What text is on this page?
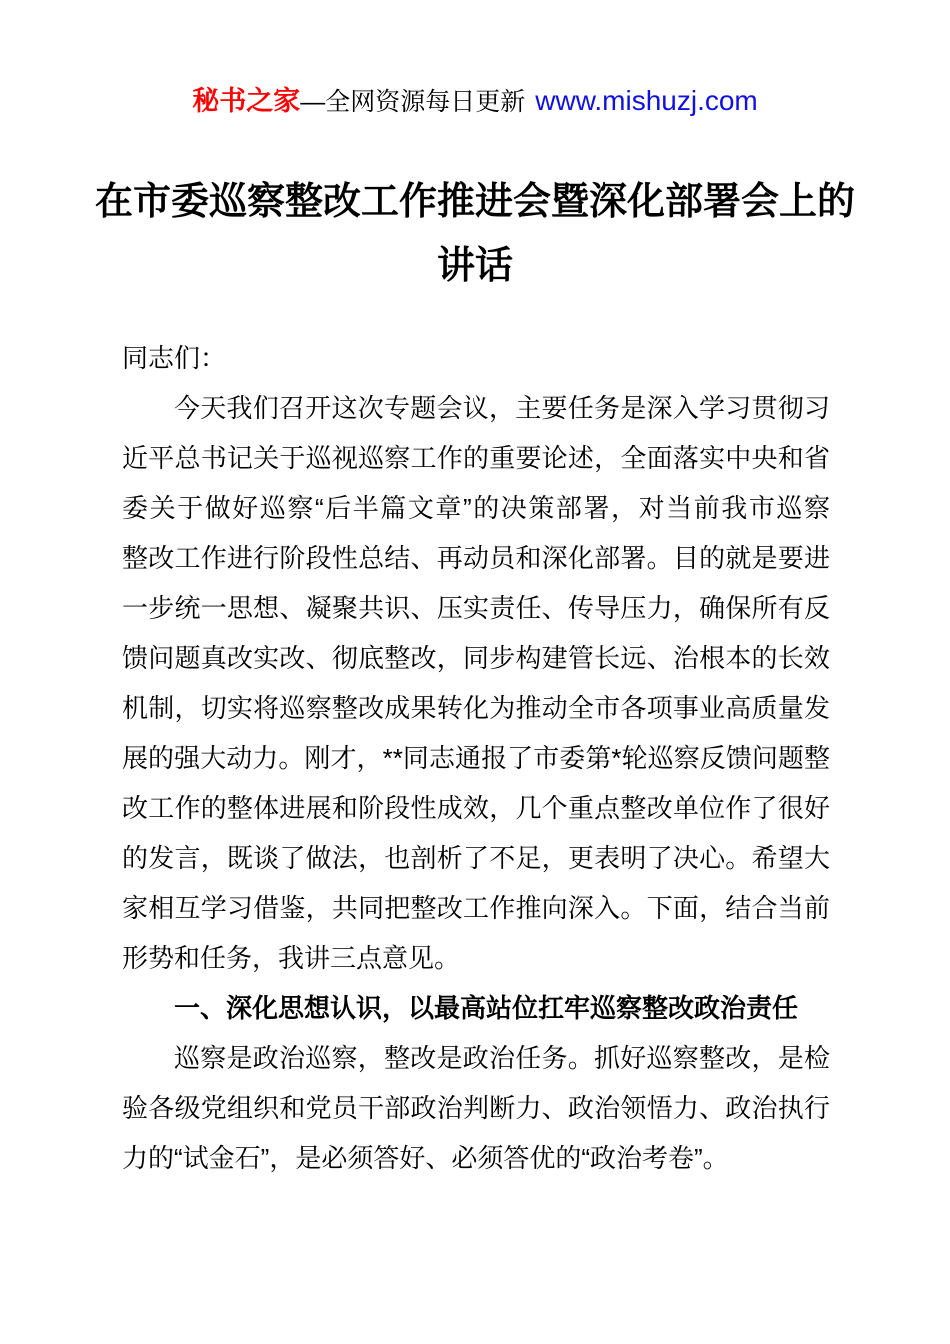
秘书之家—全网资源每日更新 www.mishuzj.com
在市委巡察整改工作推进会暨深化部署会上的
讲话
同志们：
今天我们召开这次专题会议，主要任务是深入学习贯彻习
近平总书记关于巡视巡察工作的重要论述，全面落实中央和省
委关于做好巡察“后半篇文章”的决策部署，对当前我市巡察
整改工作进行阶段性总结、再动员和深化部署。目的就是要进
一步统一思想、凝聚共识、压实责任、传导压力，确保所有反
馈问题真改实改、彻底整改，同步构建管长远、治根本的长效
机制，切实将巡察整改成果转化为推动全市各项事业高质量发
展的强大动力。刚才，**同志通报了市委第*轮巡察反馈问题整
改工作的整体进展和阶段性成效，几个重点整改单位作了很好
的发言，既谈了做法，也剖析了不足，更表明了决心。希望大
家相互学习借鉴，共同把整改工作推向深入。下面，结合当前
形势和任务，我讲三点意见。
一、深化思想认识，以最高站位扛牢巡察整改政治责任
巡察是政治巡察，整改是政治任务。抓好巡察整改，是检
验各级党组织和党员干部政治判断力、政治领悟力、政治执行
力的“试金石”，是必须答好、必须答优的“政治考卷”。
